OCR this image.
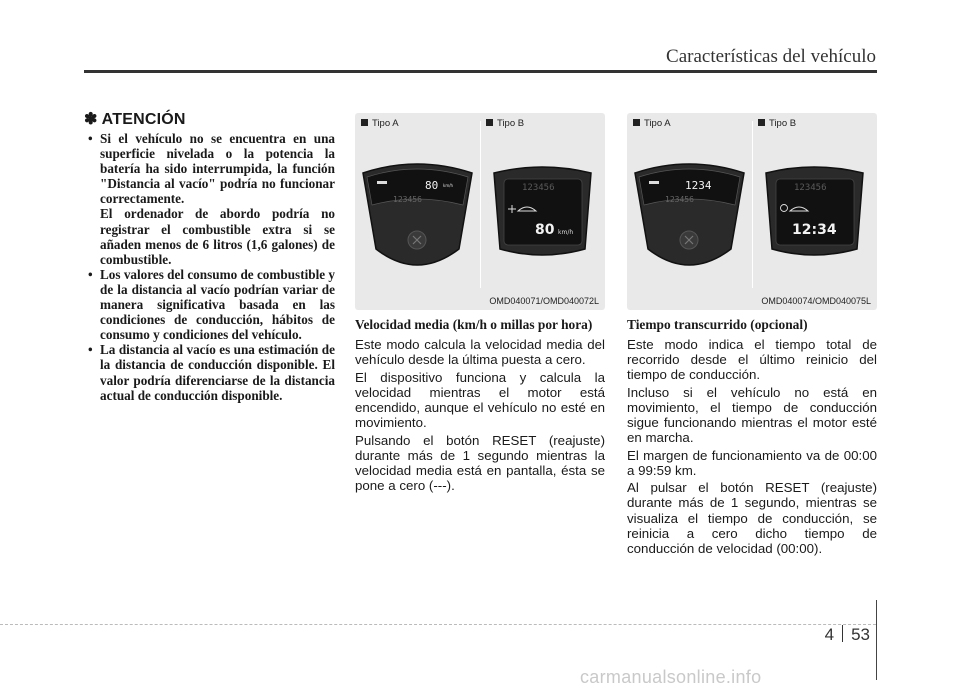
Características del vehículo
✽ ATENCIÓN
• Si el vehículo no se encuentra en una superficie nivelada o la potencia la batería ha sido interrumpida, la función "Distancia al vacío" podría no funcionar correctamente.
El ordenador de abordo podría no registrar el combustible extra si se añaden menos de 6 litros (1,6 galones) de combustible.
• Los valores del consumo de combustible y de la distancia al vacío podrían variar de manera significativa basada en las condiciones de conducción, hábitos de consumo y condiciones del vehículo.
• La distancia al vacío es una estimación de la distancia de conducción disponible. El valor podría diferenciarse de la distancia actual de conducción disponible.
Tipo A	Tipo B
80 km/h
123456
123456
80 km/h
OMD040071/OMD040072L
Tipo A	Tipo B
1234
123456
123456
12:34
OMD040074/OMD040075L
Velocidad media (km/h o millas por hora)

Este modo calcula la velocidad media del vehículo desde la última puesta a cero.

El dispositivo funciona y calcula la velocidad mientras el motor está encendido, aunque el vehículo no esté en movimiento.

Pulsando el botón RESET (reajuste) durante más de 1 segundo mientras la velocidad media está en pantalla, ésta se pone a cero (---).

Tiempo transcurrido (opcional)

Este modo indica el tiempo total de recorrido desde el último reinicio del tiempo de conducción.

Incluso si el vehículo no está en movimiento, el tiempo de conducción sigue funcionando mientras el motor esté en marcha.

El margen de funcionamiento va de 00:00 a 99:59 km.

Al pulsar el botón RESET (reajuste) durante más de 1 segundo, mientras se visualiza el tiempo de conducción, se reinicia a cero dicho tiempo de conducción de velocidad (00:00).

4 53
carmanualsonline.info
